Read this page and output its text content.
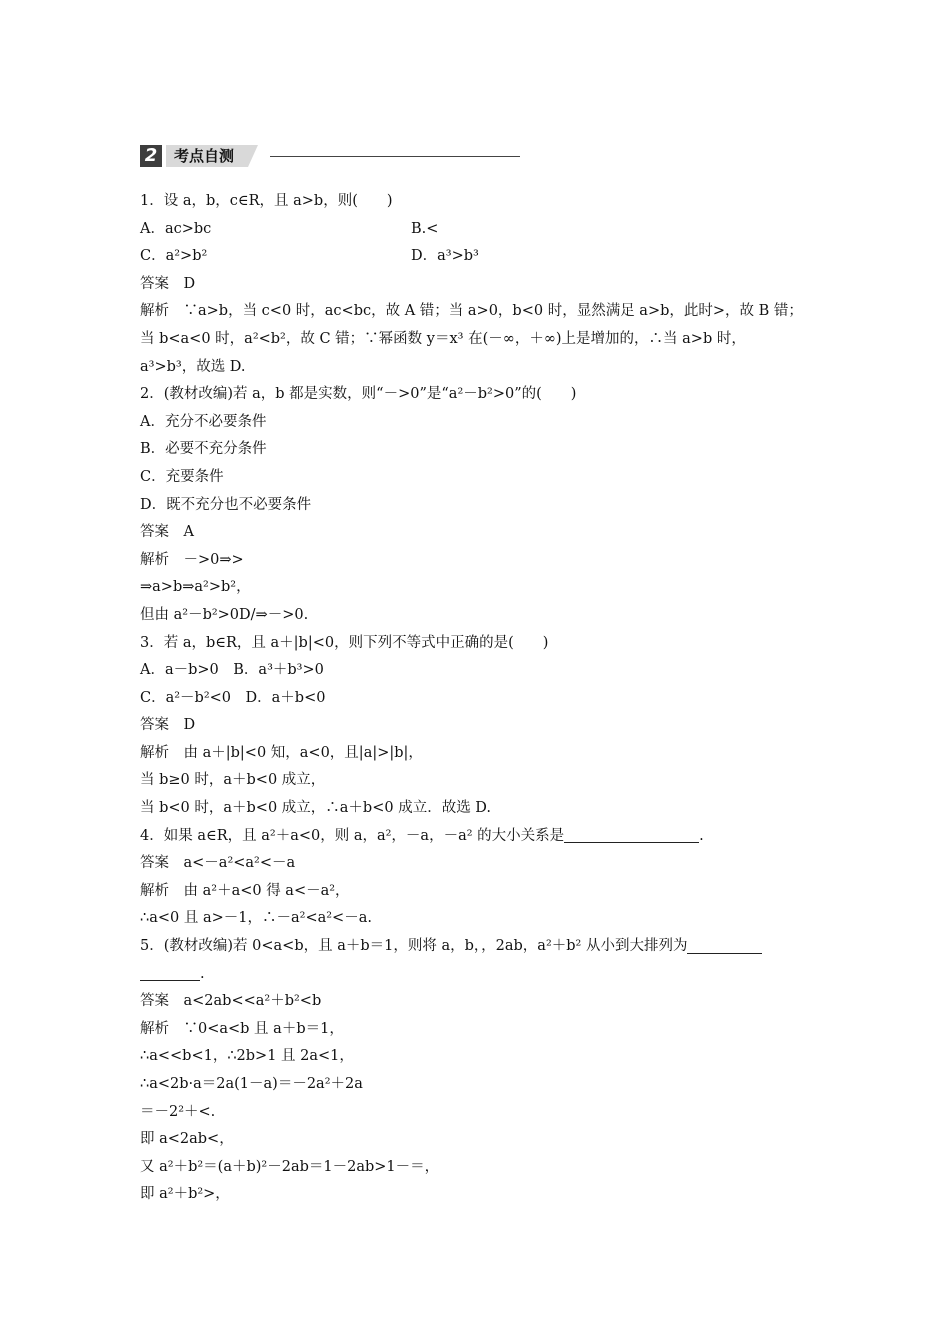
2	考点自测
1．设 a，b，c∈R，且 a>b，则(　　)
A．ac>bc	B.<
C．a²>b²	D．a³>b³
答案　D
解析　∵a>b，当 c<0 时，ac<bc，故 A 错；当 a>0，b<0 时，显然满足 a>b，此时>，故 B 错；
当 b<a<0 时，a²<b²，故 C 错；∵幂函数 y＝x³ 在(－∞，＋∞)上是增加的，∴当 a>b 时，
a³>b³，故选 D.
2．(教材改编)若 a，b 都是实数，则“－>0”是“a²－b²>0”的(　　)
A．充分不必要条件
B．必要不充分条件
C．充要条件
D．既不充分也不必要条件
答案　A
解析　－>0⇒>
⇒a>b⇒a²>b²，
但由 a²－b²>0D/⇒－>0.
3．若 a，b∈R，且 a＋|b|<0，则下列不等式中正确的是(　　)
A．a－b>0　B．a³＋b³>0
C．a²－b²<0　D．a＋b<0
答案　D
解析　由 a＋|b|<0 知，a<0，且|a|>|b|，
当 b≥0 时，a＋b<0 成立，
当 b<0 时，a＋b<0 成立，∴a＋b<0 成立．故选 D.
4．如果 a∈R，且 a²＋a<0，则 a，a²，－a，－a² 的大小关系是	.
答案　a<－a²<a²<－a
解析　由 a²＋a<0 得 a<－a²，
∴a<0 且 a>－1，∴－a²<a²<－a.
5．(教材改编)若 0<a<b，且 a＋b＝1，则将 a，b，，2ab，a²＋b² 从小到大排列为
.
答案　a<2ab<<a²＋b²<b
解析　∵0<a<b 且 a＋b＝1，
∴a<<b<1，∴2b>1 且 2a<1，
∴a<2b·a＝2a(1－a)＝－2a²＋2a
＝－2²＋<.
即 a<2ab<，
又 a²＋b²＝(a＋b)²－2ab＝1－2ab>1－＝，
即 a²＋b²>，
